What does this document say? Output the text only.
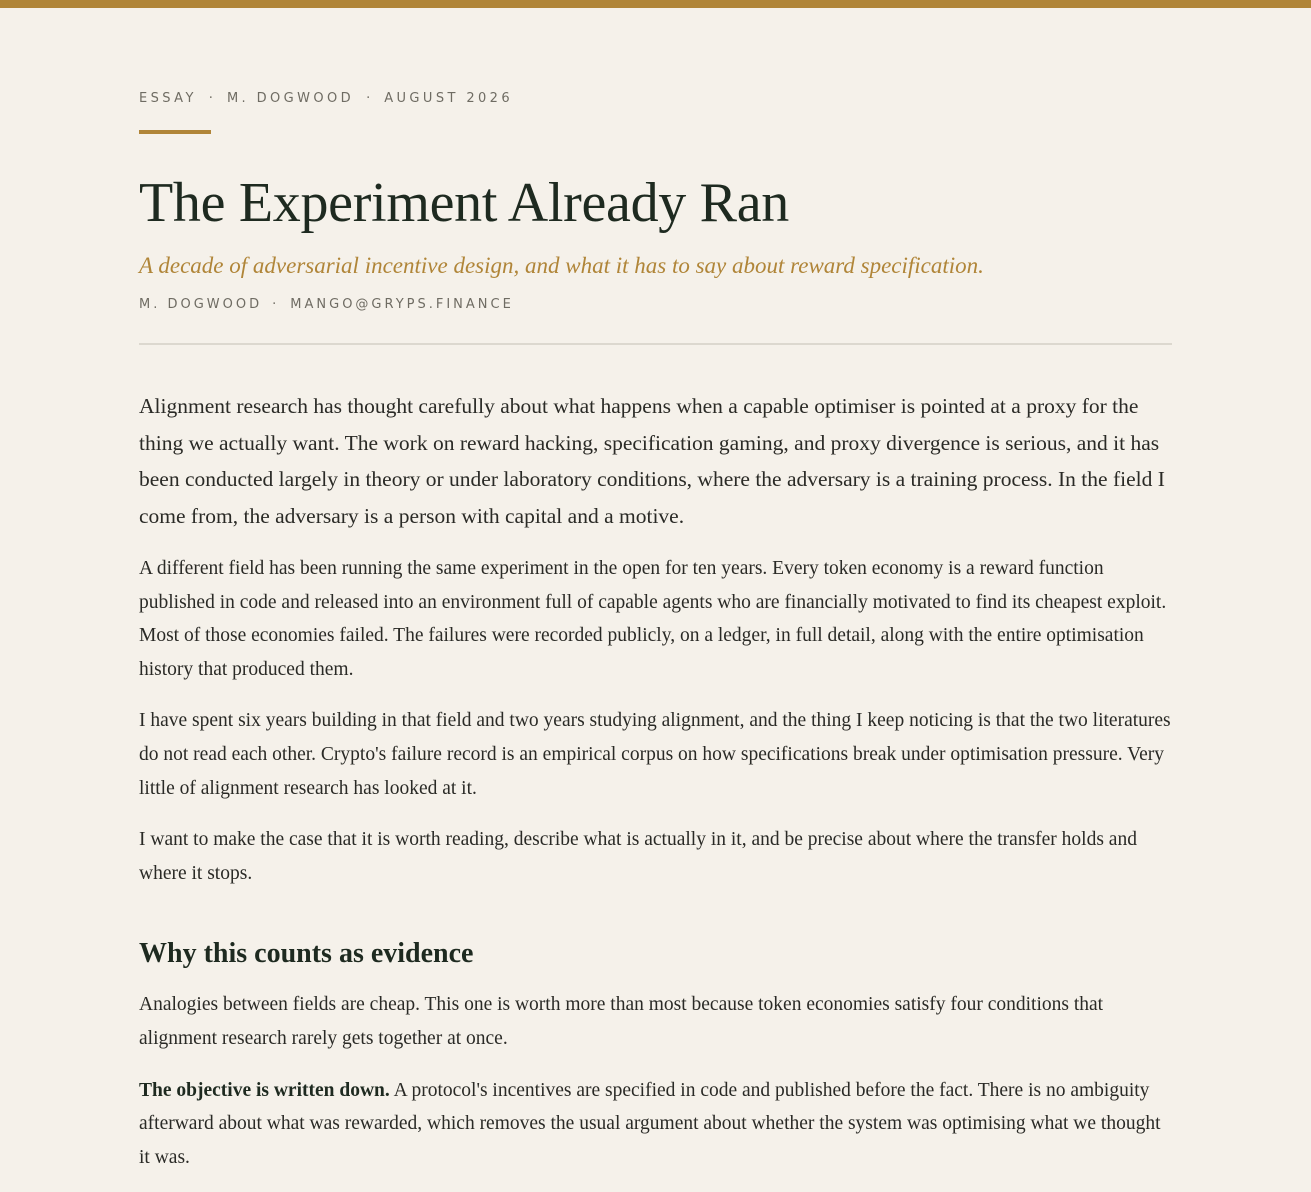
ESSAY · M. DOGWOOD · AUGUST 2026
The Experiment Already Ran
A decade of adversarial incentive design, and what it has to say about reward specification.
M. DOGWOOD · MANGO@GRYPS.FINANCE

Alignment research has thought carefully about what happens when a capable optimiser is pointed at a proxy for the thing we actually want. The work on reward hacking, specification gaming, and proxy divergence is serious, and it has been conducted largely in theory or under laboratory conditions, where the adversary is a training process. In the field I come from, the adversary is a person with capital and a motive.

A different field has been running the same experiment in the open for ten years. Every token economy is a reward function published in code and released into an environment full of capable agents who are financially motivated to find its cheapest exploit. Most of those economies failed. The failures were recorded publicly, on a ledger, in full detail, along with the entire optimisation history that produced them.

I have spent six years building in that field and two years studying alignment, and the thing I keep noticing is that the two literatures do not read each other. Crypto's failure record is an empirical corpus on how specifications break under optimisation pressure. Very little of alignment research has looked at it.

I want to make the case that it is worth reading, describe what is actually in it, and be precise about where the transfer holds and where it stops.

Why this counts as evidence

Analogies between fields are cheap. This one is worth more than most because token economies satisfy four conditions that alignment research rarely gets together at once.

The objective is written down. A protocol's incentives are specified in code and published before the fact. There is no ambiguity afterward about what was rewarded, which removes the usual argument about whether the system was optimising what we thought it was.
